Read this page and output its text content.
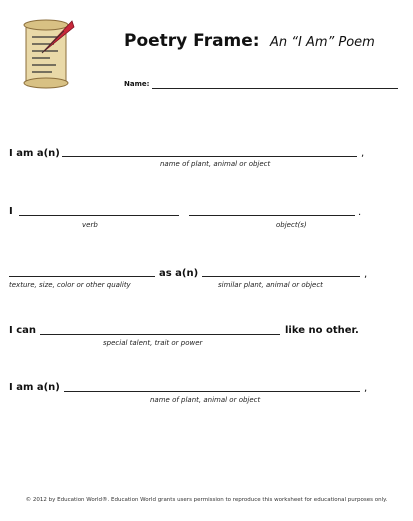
Poetry Frame: An “I Am” Poem
Name:
I am a(n)	,
name of plant, animal or object
I	.
verb	object(s)
as a(n)	,
texture, size, color or other quality	similar plant, animal or object
I can	like no other.
special talent, trait or power
I am a(n)	,
name of plant, animal or object
© 2012 by Education World®. Education World grants users permission to reproduce this worksheet for educational purposes only.
